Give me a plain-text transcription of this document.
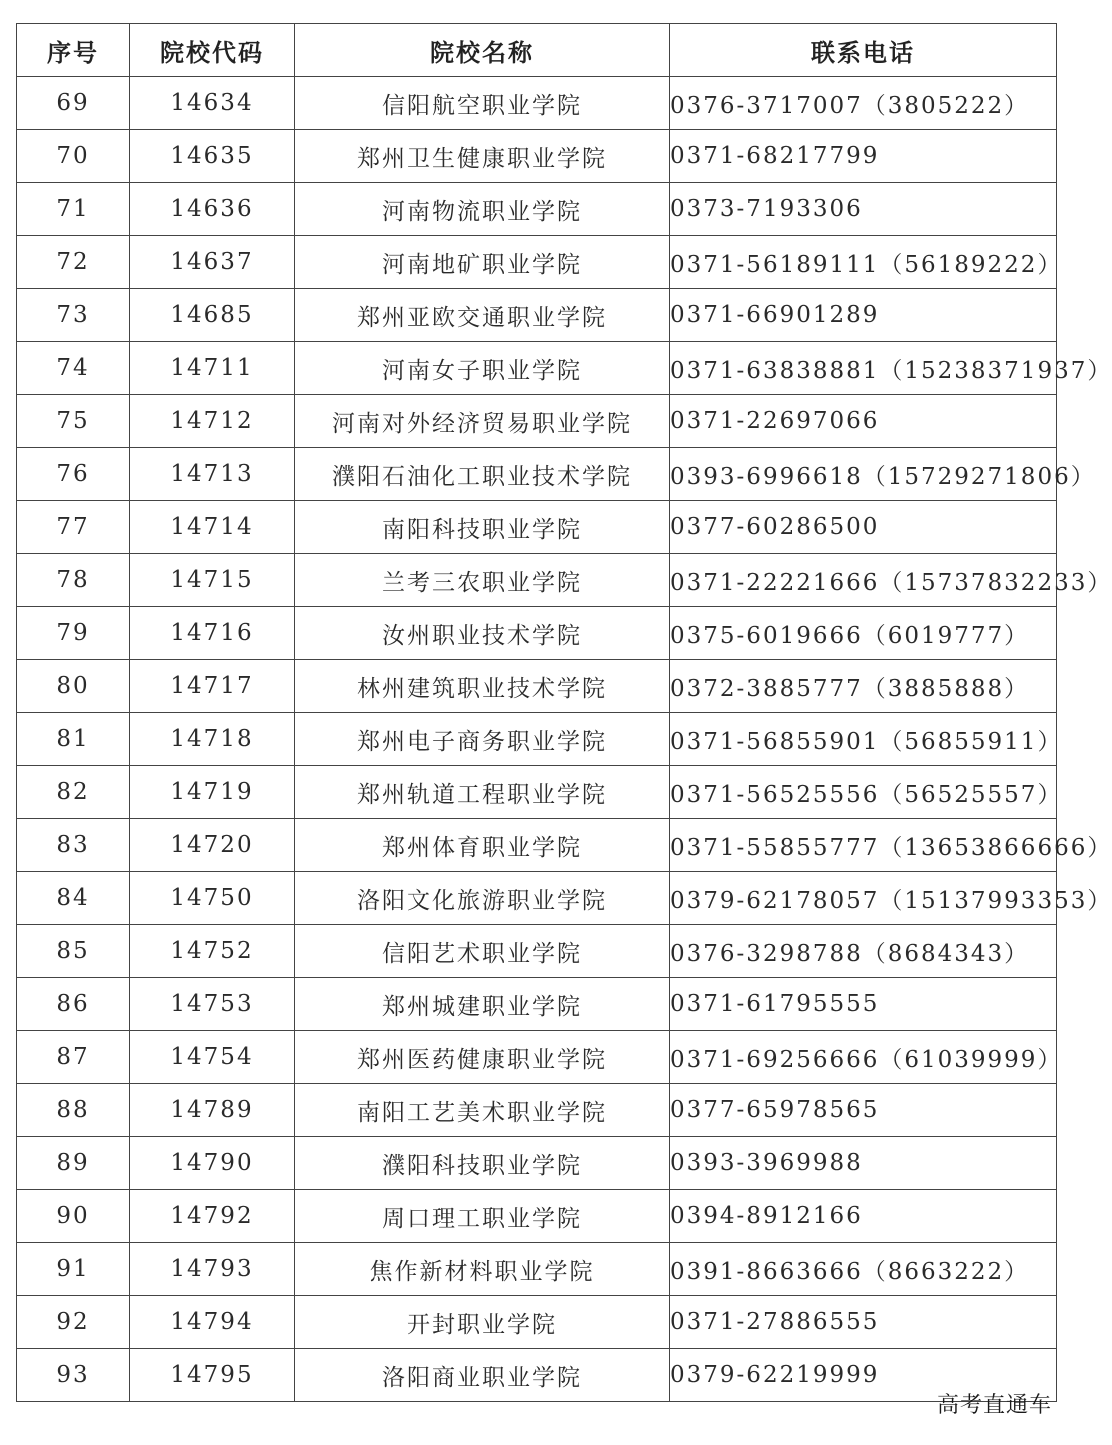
序号	院校代码	院校名称	联系电话
69	14634	信阳航空职业学院	0376-3717007（3805222）
70	14635	郑州卫生健康职业学院	0371-68217799
71	14636	河南物流职业学院	0373-7193306
72	14637	河南地矿职业学院	0371-56189111（56189222）
73	14685	郑州亚欧交通职业学院	0371-66901289
74	14711	河南女子职业学院	0371-63838881（15238371937）
75	14712	河南对外经济贸易职业学院	0371-22697066
76	14713	濮阳石油化工职业技术学院	0393-6996618（15729271806）
77	14714	南阳科技职业学院	0377-60286500
78	14715	兰考三农职业学院	0371-22221666（15737832233）
79	14716	汝州职业技术学院	0375-6019666（6019777）
80	14717	林州建筑职业技术学院	0372-3885777（3885888）
81	14718	郑州电子商务职业学院	0371-56855901（56855911）
82	14719	郑州轨道工程职业学院	0371-56525556（56525557）
83	14720	郑州体育职业学院	0371-55855777（13653866666）
84	14750	洛阳文化旅游职业学院	0379-62178057（15137993353）
85	14752	信阳艺术职业学院	0376-3298788（8684343）
86	14753	郑州城建职业学院	0371-61795555
87	14754	郑州医药健康职业学院	0371-69256666（61039999）
88	14789	南阳工艺美术职业学院	0377-65978565
89	14790	濮阳科技职业学院	0393-3969988
90	14792	周口理工职业学院	0394-8912166
91	14793	焦作新材料职业学院	0391-8663666（8663222）
92	14794	开封职业学院	0371-27886555
93	14795	洛阳商业职业学院	0379-62219999
高考直通车
